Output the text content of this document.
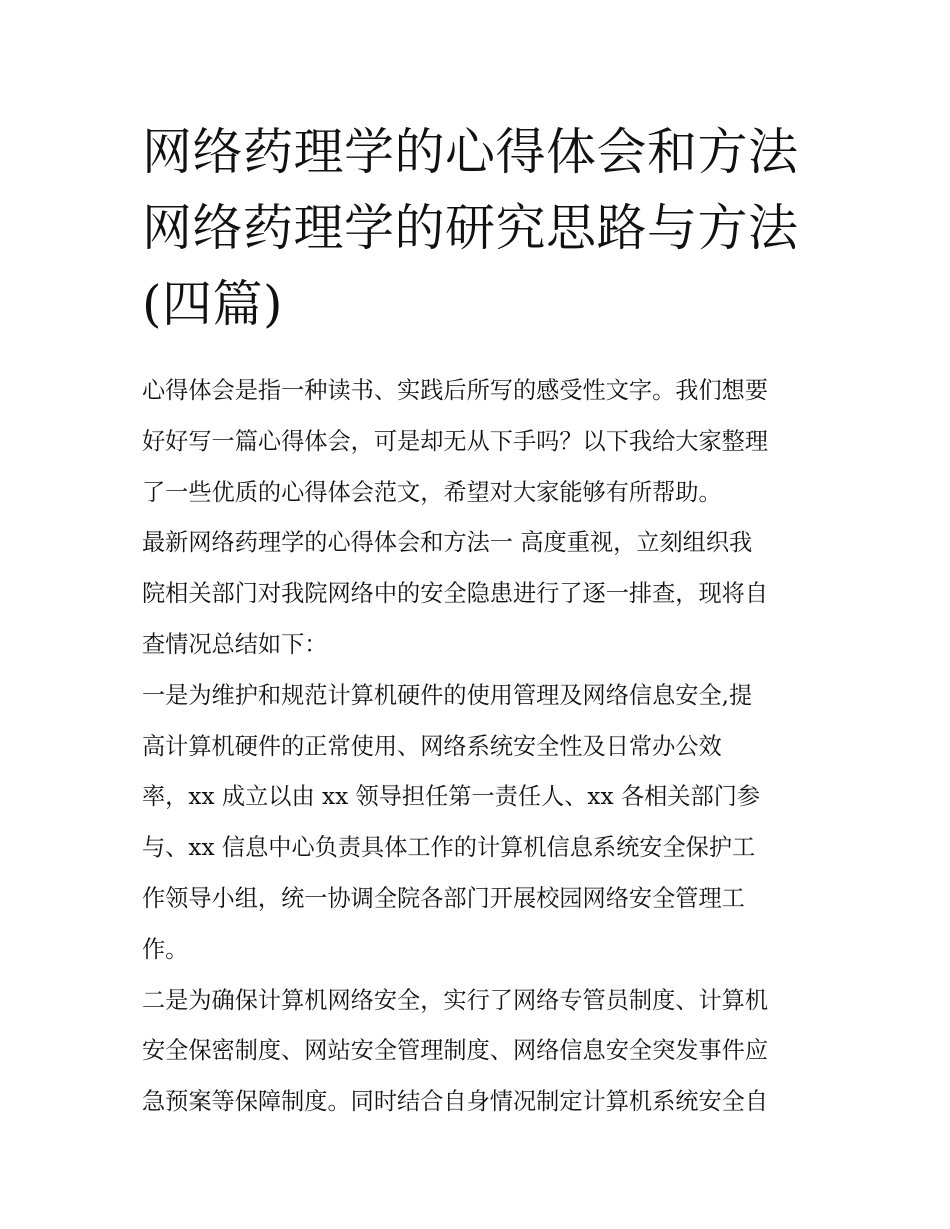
网络药理学的心得体会和方法
网络药理学的研究思路与方法
(四篇)

心得体会是指一种读书、实践后所写的感受性文字。我们想要
好好写一篇心得体会，可是却无从下手吗？以下我给大家整理
了一些优质的心得体会范文，希望对大家能够有所帮助。

最新网络药理学的心得体会和方法一 高度重视，立刻组织我
院相关部门对我院网络中的安全隐患进行了逐一排查，现将自
查情况总结如下：

一是为维护和规范计算机硬件的使用管理及网络信息安全,提
高计算机硬件的正常使用、网络系统安全性及日常办公效
率，xx 成立以由 xx 领导担任第一责任人、xx 各相关部门参
与、xx 信息中心负责具体工作的计算机信息系统安全保护工
作领导小组，统一协调全院各部门开展校园网络安全管理工
作。

二是为确保计算机网络安全，实行了网络专管员制度、计算机
安全保密制度、网站安全管理制度、网络信息安全突发事件应
急预案等保障制度。同时结合自身情况制定计算机系统安全自
